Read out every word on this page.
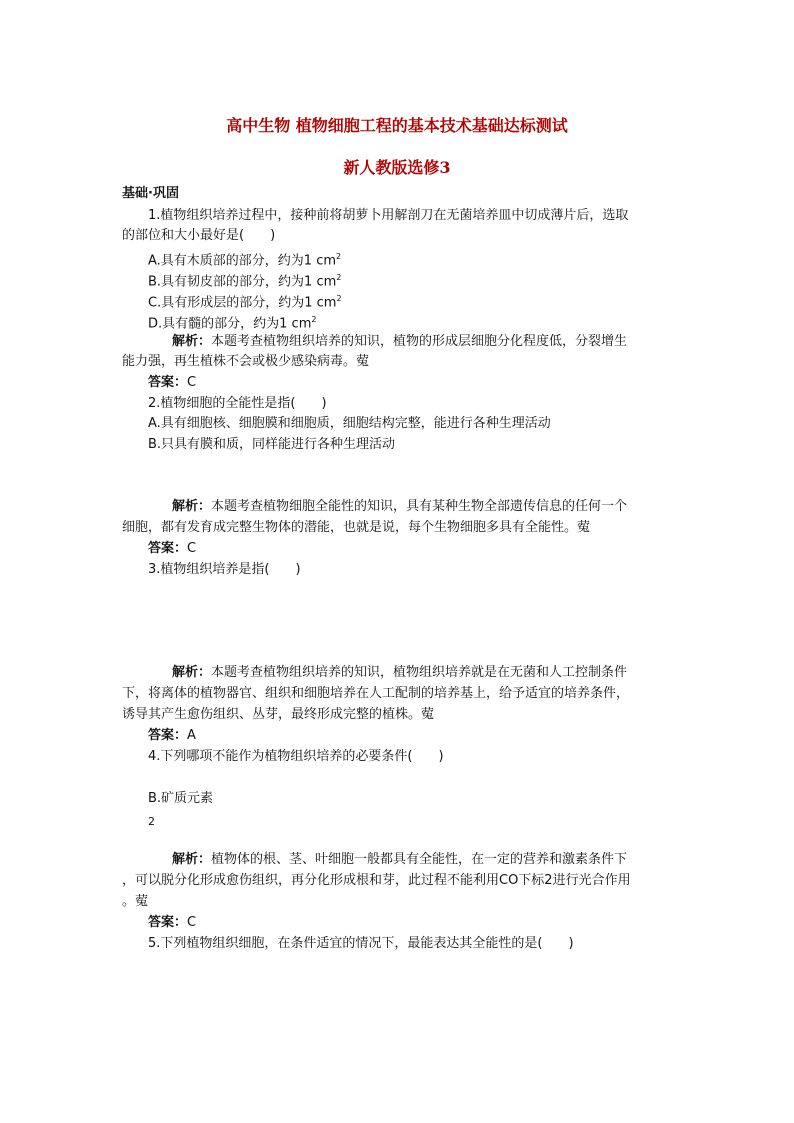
高中生物 植物细胞工程的基本技术基础达标测试
新人教版选修3
基础·巩固
1.植物组织培养过程中，接种前将胡萝卜用解剖刀在无菌培养皿中切成薄片后，选取
的部位和大小最好是(　　)
A.具有木质部的部分，约为1 $cm^2$
B.具有韧皮部的部分，约为1 $cm^2$
C.具有形成层的部分，约为1 $cm^2$
D.具有髓的部分，约为1 $cm^2$
解析：本题考查植物组织培养的知识，植物的形成层细胞分化程度低，分裂增生
能力强，再生植株不会或极少感染病毒。蒬
答案：C
2.植物细胞的全能性是指(　　)
A.具有细胞核、细胞膜和细胞质，细胞结构完整，能进行各种生理活动
B.只具有膜和质，同样能进行各种生理活动
解析：本题考查植物细胞全能性的知识，具有某种生物全部遗传信息的任何一个
细胞，都有发育成完整生物体的潜能，也就是说，每个生物细胞多具有全能性。蒬
答案：C
3.植物组织培养是指(　　)
解析：本题考查植物组织培养的知识，植物组织培养就是在无菌和人工控制条件
下，将离体的植物器官、组织和细胞培养在人工配制的培养基上，给予适宜的培养条件，
诱导其产生愈伤组织、丛芽，最终形成完整的植株。蒬
答案：A
4.下列哪项不能作为植物组织培养的必要条件(　　)
B.矿质元素
2
解析：植物体的根、茎、叶细胞一般都具有全能性，在一定的营养和激素条件下
，可以脱分化形成愈伤组织，再分化形成根和芽，此过程不能利用CO下标2进行光合作用
。蒬
答案：C
5.下列植物组织细胞，在条件适宜的情况下，最能表达其全能性的是(　　)
